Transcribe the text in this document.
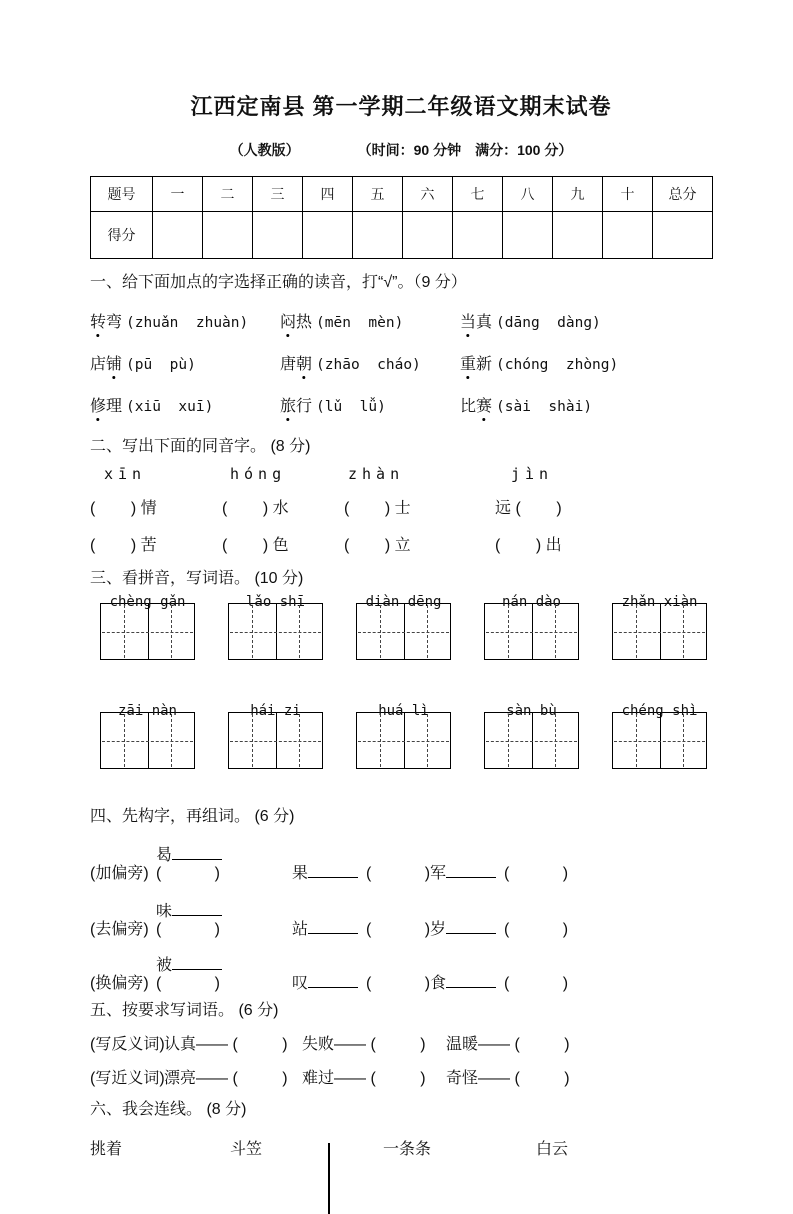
江西定南县 第一学期二年级语文期末试卷
（人教版）	（时间：90 分钟　满分：100 分）
题号	一	二	三	四	五	六	七	八	九	十	总分
得分											
一、给下面加点的字选择正确的读音，打“√”。（9 分）
转弯 (zhuǎn  zhuàn)	闷热 (mēn  mèn)	当真 (dāng  dàng)
店铺 (pū  pù)	唐朝 (zhāo  cháo)	重新 (chóng  zhòng)
修理 (xiū  xuī)	旅行 (lǔ  lǚ)	比赛 (sài  shài)
二、写出下面的同音字。 (8 分)
xīn	hóng	zhàn	jìn
(        ) 情	(        ) 水	(        ) 士	远 (        )
(        ) 苦	(        ) 色	(        ) 立	(        ) 出
三、看拼音，写词语。 (10 分)
chèng gǎn	lǎo shī	diàn dēng	nán dào	zhǎn xiàn
zāi nàn	hái zi	huá lì	sàn bù	chéng shì
四、先构字，再组词。 (6 分)
(加偏旁)
曷(            )	果	(            ) 军	(            )
(去偏旁)
味(            )	站	(            ) 岁	(            )
(换偏旁)
被(            )	叹	(            ) 食	(            )
五、按要求写词语。 (6 分)
(写反义词)
认真—— (          ) 失败—— (          )	温暖—— (          )
(写近义词)
漂亮—— (          ) 难过—— (          )	奇怪—— (          )
六、我会连线。 (8 分)
挑着	斗笠	一条条	白云
